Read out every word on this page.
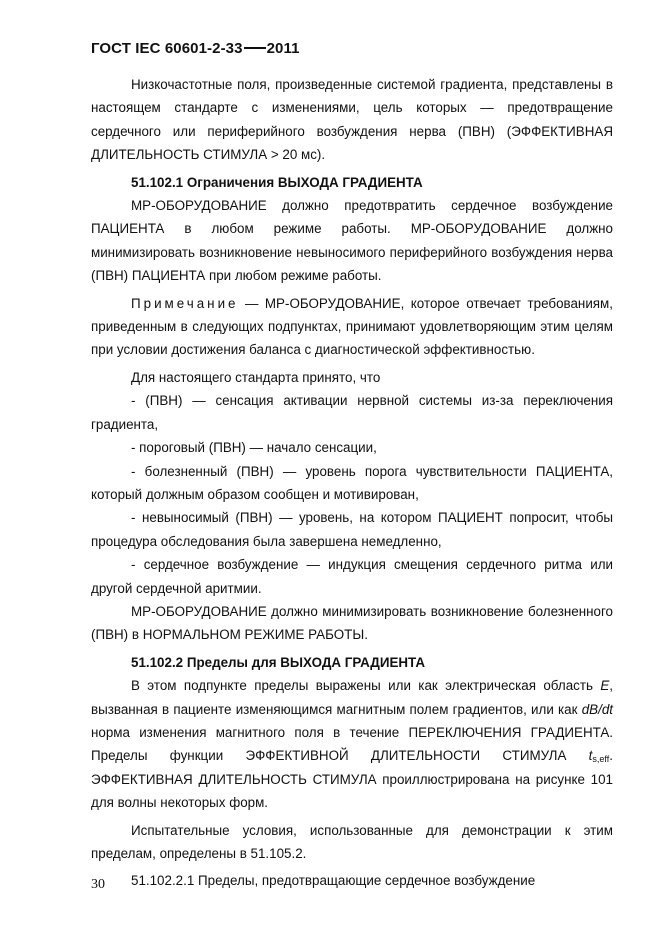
ГОСТ IEC 60601-2-33 2011

Низкочастотные поля, произведенные системой градиента, представлены в настоящем стандарте с изменениями, цель которых — предотвращение сердечного или периферийного возбуждения нерва (ПВН) (ЭФФЕКТИВНАЯ ДЛИТЕЛЬНОСТЬ СТИМУЛА > 20 мс).

51.102.1 Ограничения ВЫХОДА ГРАДИЕНТА

МР-ОБОРУДОВАНИЕ должно предотвратить сердечное возбуждение ПАЦИЕНТА в любом режиме работы. МР-ОБОРУДОВАНИЕ должно минимизировать возникновение невыносимого периферийного возбуждения нерва (ПВН) ПАЦИЕНТА при любом режиме работы.

Примечание — МР-ОБОРУДОВАНИЕ, которое отвечает требованиям, приведенным в следующих подпунктах, принимают удовлетворяющим этим целям при условии достижения баланса с диагностической эффективностью.

Для настоящего стандарта принято, что

- (ПВН) — сенсация активации нервной системы из-за переключения градиента,

- пороговый (ПВН) — начало сенсации,

- болезненный (ПВН) — уровень порога чувствительности ПАЦИЕНТА, который должным образом сообщен и мотивирован,

- невыносимый (ПВН) — уровень, на котором ПАЦИЕНТ попросит, чтобы процедура обследования была завершена немедленно,

- сердечное возбуждение — индукция смещения сердечного ритма или другой сердечной аритмии.

МР-ОБОРУДОВАНИЕ должно минимизировать возникновение болезненного (ПВН) в НОРМАЛЬНОМ РЕЖИМЕ РАБОТЫ.

51.102.2 Пределы для ВЫХОДА ГРАДИЕНТА

В этом подпункте пределы выражены или как электрическая область E, вызванная в пациенте изменяющимся магнитным полем градиентов, или как dB/dt норма изменения магнитного поля в течение ПЕРЕКЛЮЧЕНИЯ ГРАДИЕНТА. Пределы функции ЭФФЕКТИВНОЙ ДЛИТЕЛЬНОСТИ СТИМУЛА $t_{s,eff}$. ЭФФЕКТИВНАЯ ДЛИТЕЛЬНОСТЬ СТИМУЛА проиллюстрирована на рисунке 101 для волны некоторых форм.

Испытательные условия, использованные для демонстрации к этим пределам, определены в 51.105.2.

51.102.2.1 Пределы, предотвращающие сердечное возбуждение

30
